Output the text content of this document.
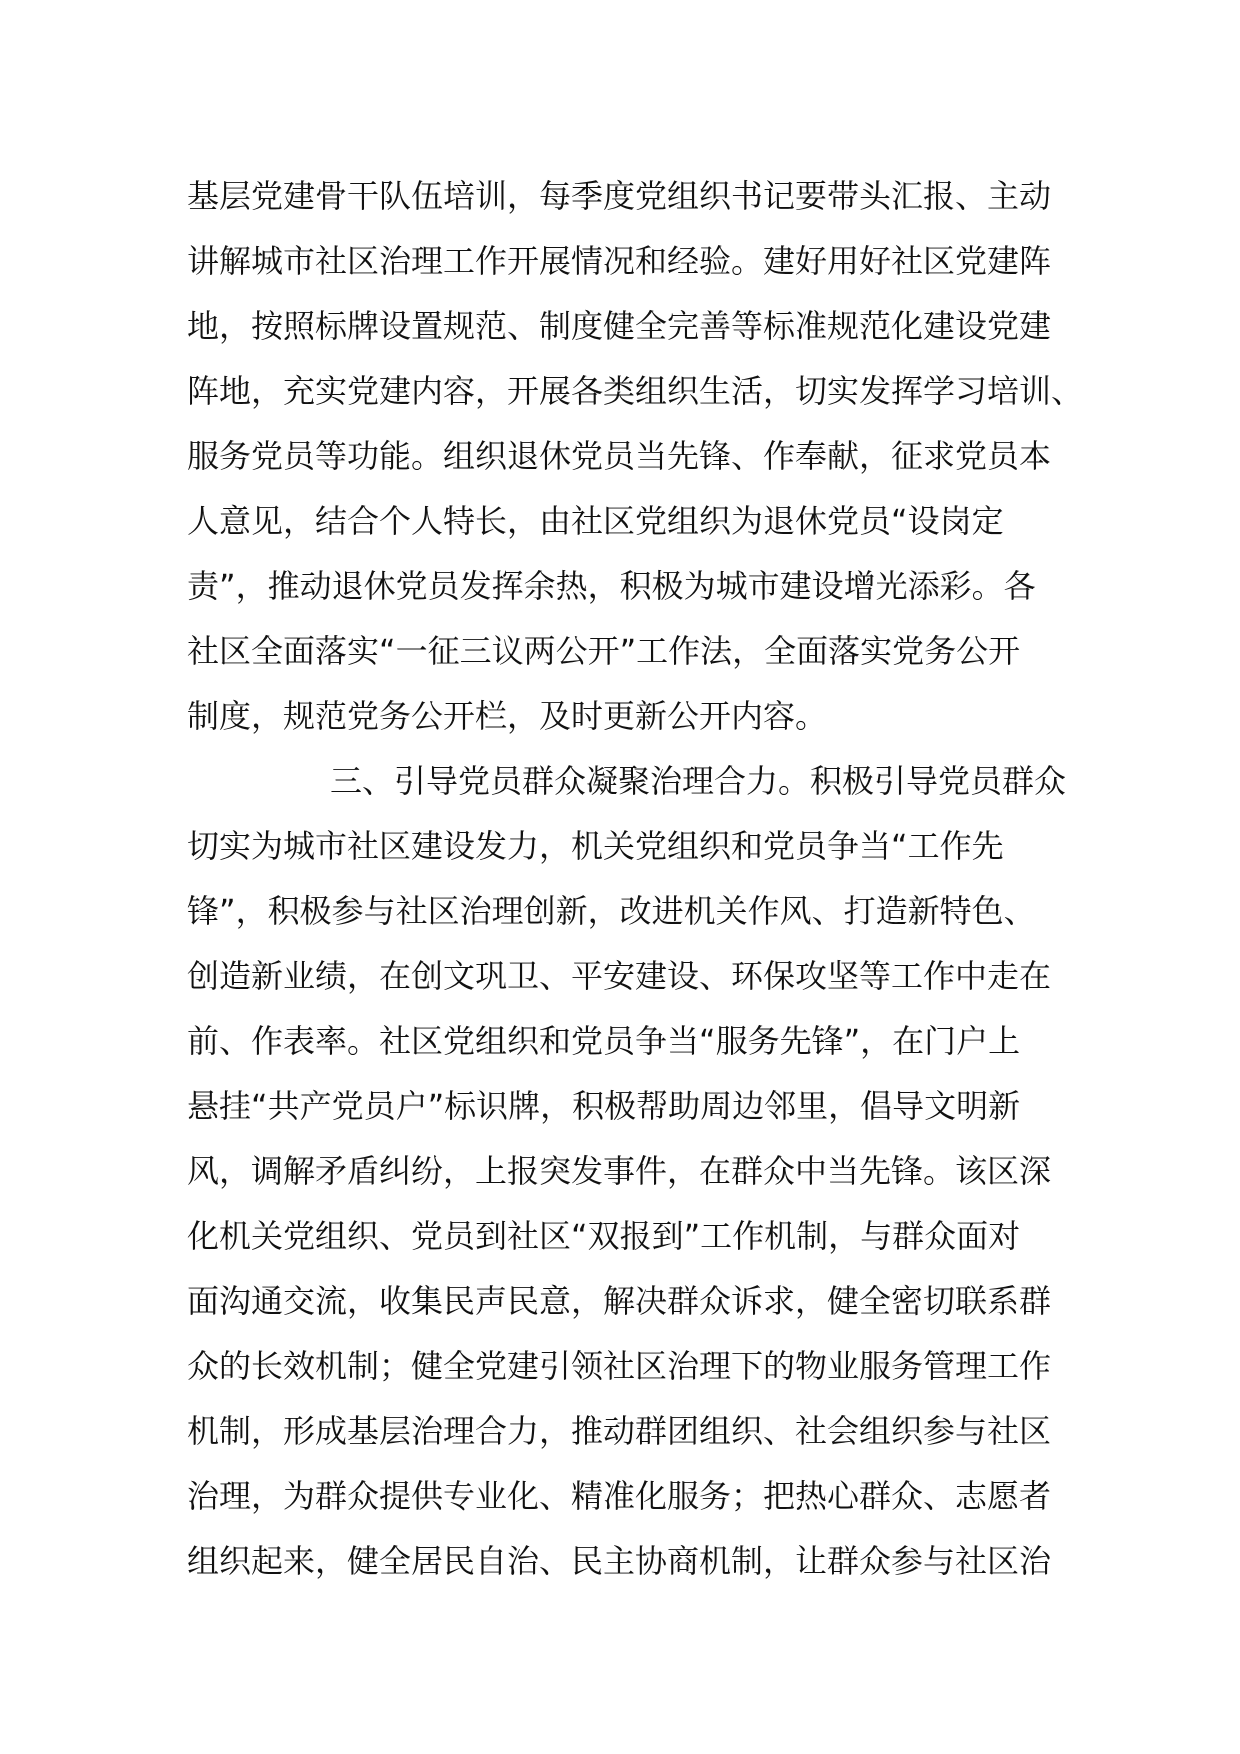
基层党建骨干队伍培训，每季度党组织书记要带头汇报、主动
讲解城市社区治理工作开展情况和经验。建好用好社区党建阵
地，按照标牌设置规范、制度健全完善等标准规范化建设党建
阵地，充实党建内容，开展各类组织生活，切实发挥学习培训、
服务党员等功能。组织退休党员当先锋、作奉献，征求党员本
人意见，结合个人特长，由社区党组织为退休党员“设岗定
责”，推动退休党员发挥余热，积极为城市建设增光添彩。各
社区全面落实“一征三议两公开”工作法，全面落实党务公开
制度，规范党务公开栏，及时更新公开内容。
三、引导党员群众凝聚治理合力。积极引导党员群众
切实为城市社区建设发力，机关党组织和党员争当“工作先
锋”，积极参与社区治理创新，改进机关作风、打造新特色、
创造新业绩，在创文巩卫、平安建设、环保攻坚等工作中走在
前、作表率。社区党组织和党员争当“服务先锋”，在门户上
悬挂“共产党员户”标识牌，积极帮助周边邻里，倡导文明新
风，调解矛盾纠纷，上报突发事件，在群众中当先锋。该区深
化机关党组织、党员到社区“双报到”工作机制，与群众面对
面沟通交流，收集民声民意，解决群众诉求，健全密切联系群
众的长效机制；健全党建引领社区治理下的物业服务管理工作
机制，形成基层治理合力，推动群团组织、社会组织参与社区
治理，为群众提供专业化、精准化服务；把热心群众、志愿者
组织起来，健全居民自治、民主协商机制，让群众参与社区治
